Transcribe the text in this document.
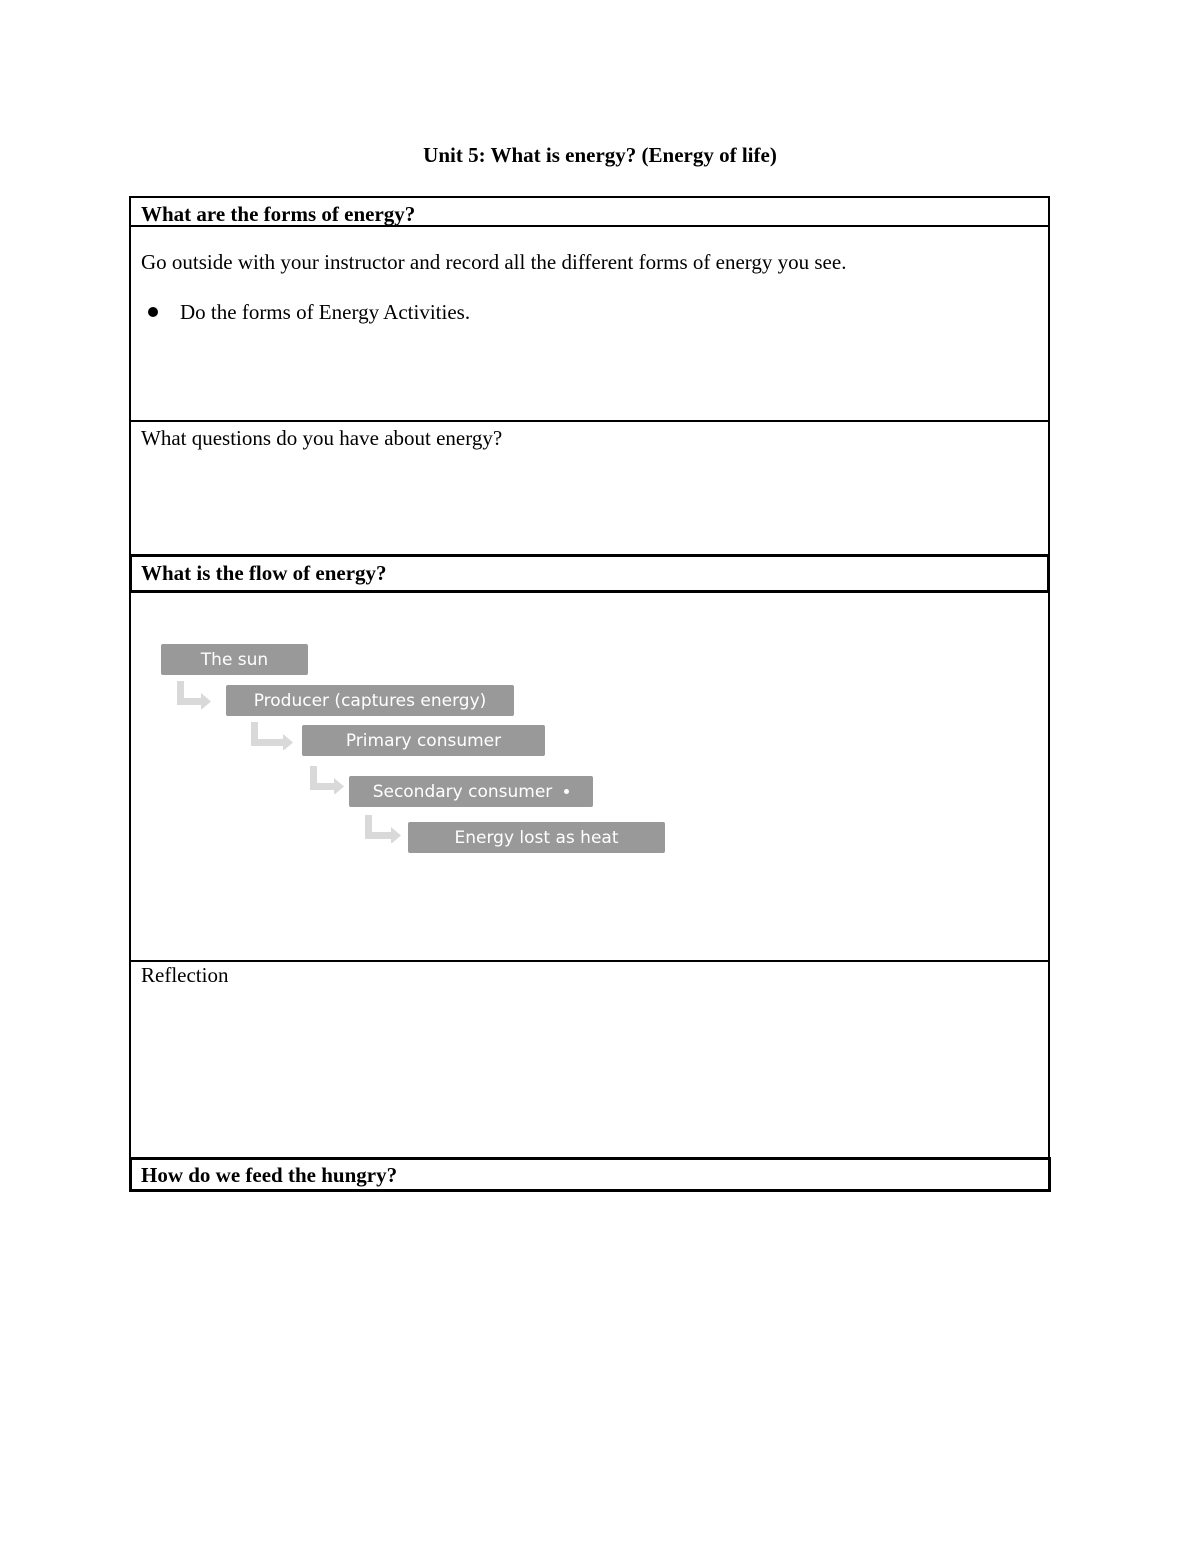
Unit 5: What is energy? (Energy of life)
What are the forms of energy?
Go outside with your instructor and record all the different forms of energy you see.
Do the forms of Energy Activities.
What questions do you have about energy?
What is the flow of energy?
The sun
Producer (captures energy)
Primary consumer
Secondary consumer
Energy lost as heat
Reflection
How do we feed the hungry?
